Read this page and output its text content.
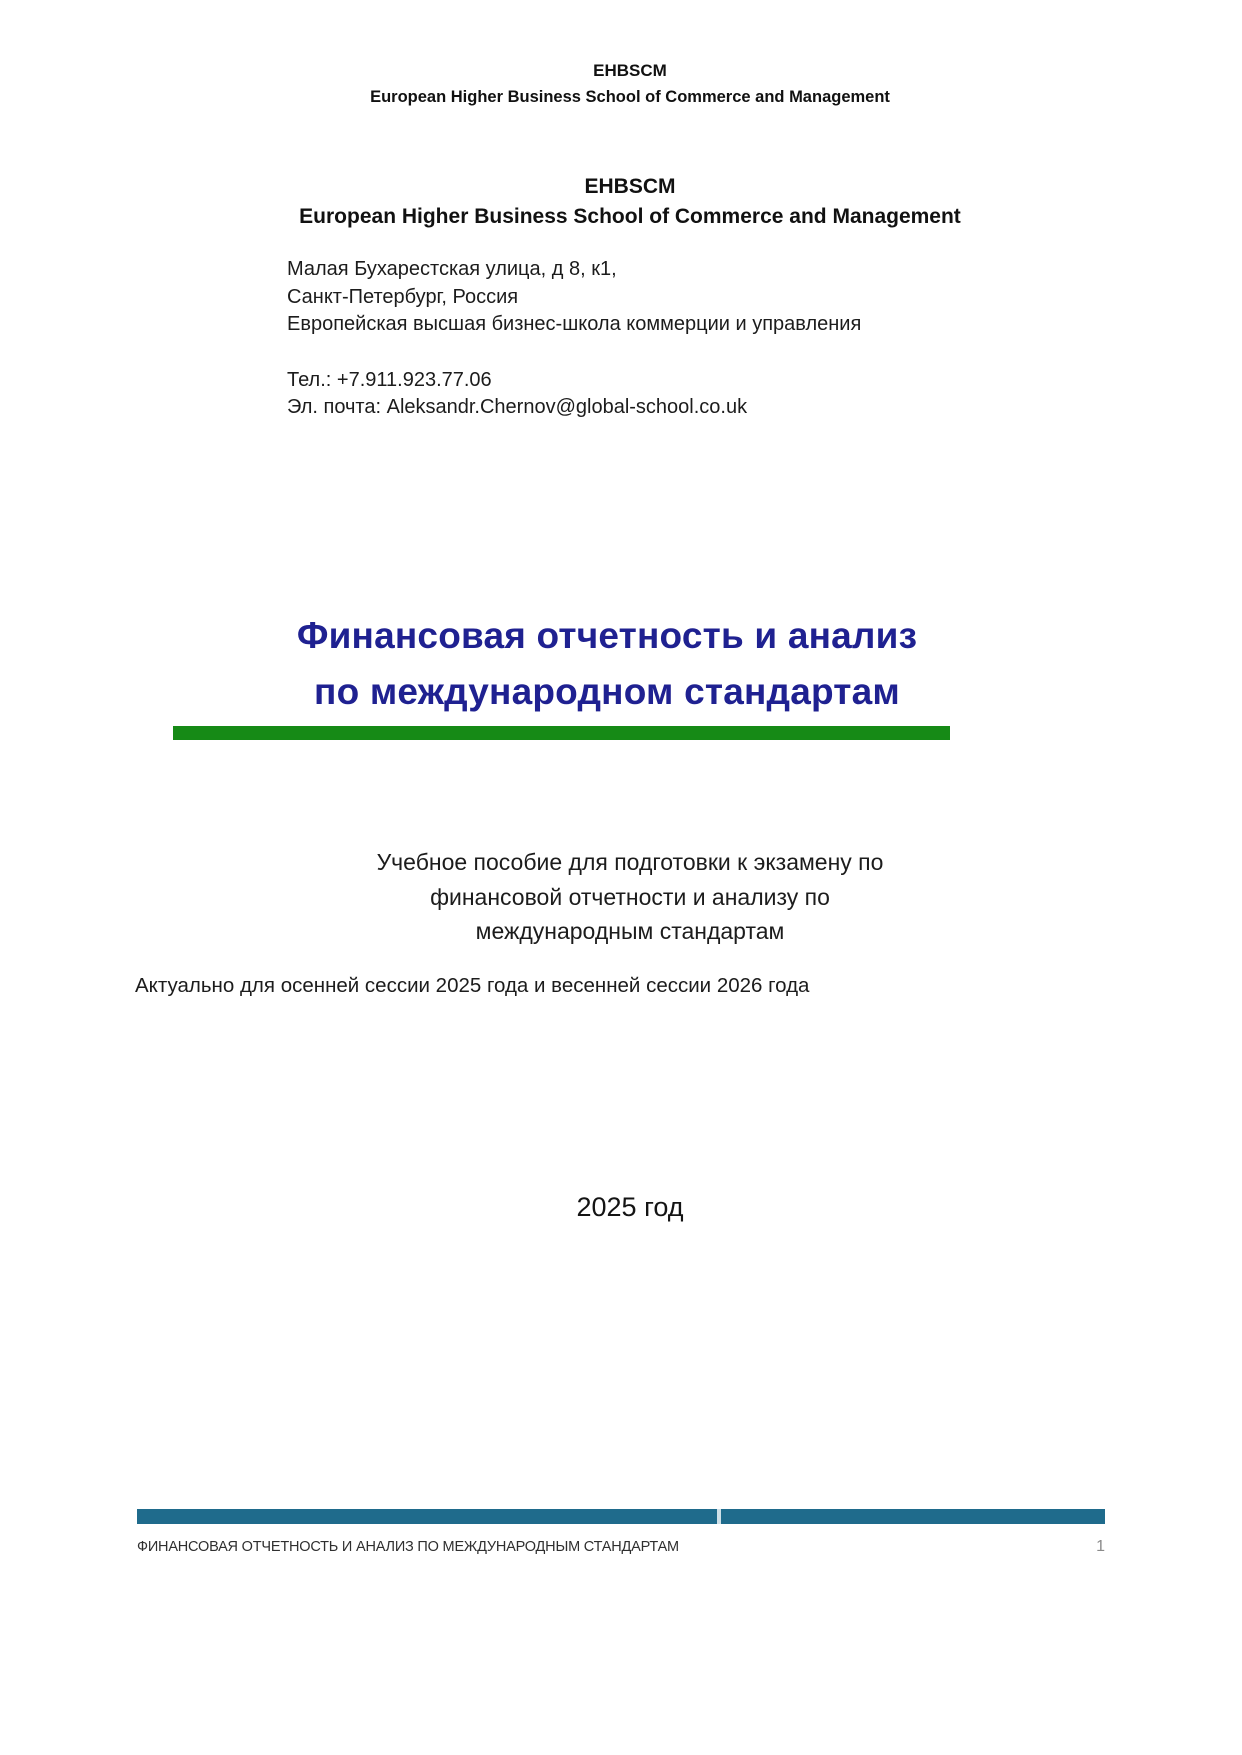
EHBSCM
European Higher Business School of Commerce and Management
EHBSCM
European Higher Business School of Commerce and Management
Малая Бухарестская улица, д 8, к1,
Санкт-Петербург, Россия
Европейская высшая бизнес-школа коммерции и управления
Тел.: +7.911.923.77.06
Эл. почта: Aleksandr.Chernov@global-school.co.uk
Финансовая отчетность и анализ
по международном стандартам
Учебное пособие для подготовки к экзамену по
финансовой отчетности и анализу по
международным стандартам
Актуально для осенней сессии 2025 года и весенней сессии 2026 года
2025 год
ФИНАНСОВАЯ ОТЧЕТНОСТЬ И АНАЛИЗ ПО МЕЖДУНАРОДНЫМ СТАНДАРТАМ	1
